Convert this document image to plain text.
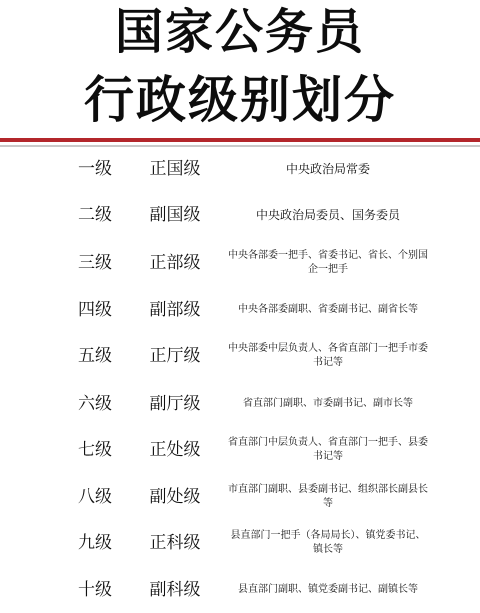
国家公务员
行政级别划分
一级	正国级	中央政治局常委
二级	副国级	中央政治局委员、国务委员
三级	正部级	中央各部委一把手、省委书记、省长、个别国企一把手
四级	副部级	中央各部委副职、省委副书记、副省长等
五级	正厅级	中央部委中层负责人、各省直部门一把手市委书记等
六级	副厅级	省直部门副职、市委副书记、副市长等
七级	正处级	省直部门中层负责人、省直部门一把手、县委书记等
八级	副处级	市直部门副职、县委副书记、组织部长副县长等
九级	正科级	县直部门一把手（各局局长）、镇党委书记、镇长等
十级	副科级	县直部门副职、镇党委副书记、副镇长等
